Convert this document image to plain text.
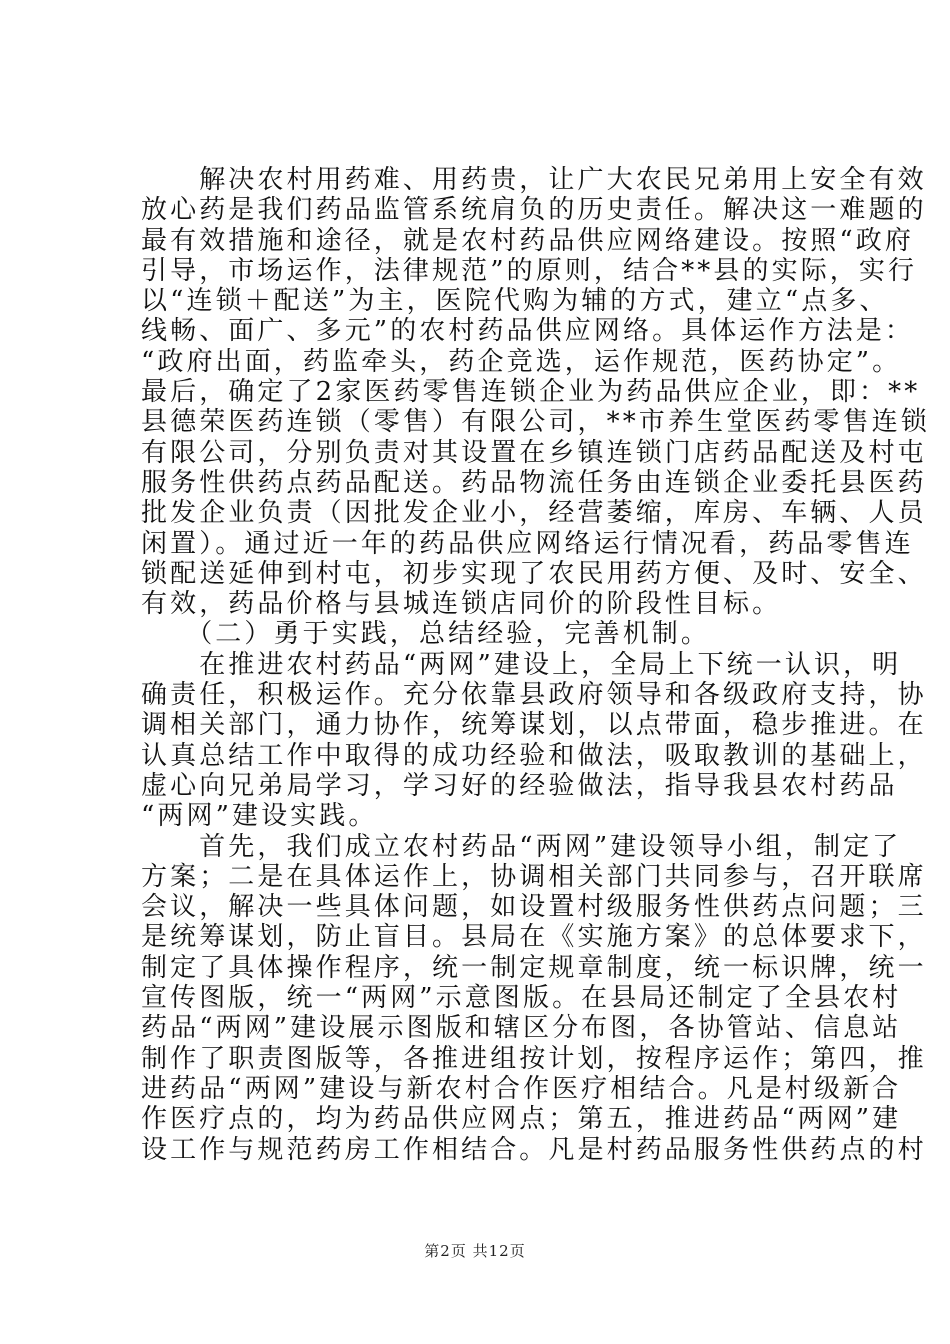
　　解决农村用药难、用药贵，让广大农民兄弟用上安全有效
放心药是我们药品监管系统肩负的历史责任。解决这一难题的
最有效措施和途径，就是农村药品供应网络建设。按照“政府
引导，市场运作，法律规范”的原则，结合**县的实际，实行
以“连锁＋配送”为主，医院代购为辅的方式，建立“点多、
线畅、面广、多元”的农村药品供应网络。具体运作方法是：
“政府出面，药监牵头，药企竞选，运作规范，医药协定”。
最后，确定了2家医药零售连锁企业为药品供应企业，即：**
县德荣医药连锁（零售）有限公司，**市养生堂医药零售连锁
有限公司，分别负责对其设置在乡镇连锁门店药品配送及村屯
服务性供药点药品配送。药品物流任务由连锁企业委托县医药
批发企业负责（因批发企业小，经营萎缩，库房、车辆、人员
闲置）。通过近一年的药品供应网络运行情况看，药品零售连
锁配送延伸到村屯，初步实现了农民用药方便、及时、安全、
有效，药品价格与县城连锁店同价的阶段性目标。
　　（二）勇于实践，总结经验，完善机制。
　　在推进农村药品“两网”建设上，全局上下统一认识，明
确责任，积极运作。充分依靠县政府领导和各级政府支持，协
调相关部门，通力协作，统筹谋划，以点带面，稳步推进。在
认真总结工作中取得的成功经验和做法，吸取教训的基础上，
虚心向兄弟局学习，学习好的经验做法，指导我县农村药品
“两网”建设实践。
　　首先，我们成立农村药品“两网”建设领导小组，制定了
方案；二是在具体运作上，协调相关部门共同参与，召开联席
会议，解决一些具体问题，如设置村级服务性供药点问题；三
是统筹谋划，防止盲目。县局在《实施方案》的总体要求下，
制定了具体操作程序，统一制定规章制度，统一标识牌，统一
宣传图版，统一“两网”示意图版。在县局还制定了全县农村
药品“两网”建设展示图版和辖区分布图，各协管站、信息站
制作了职责图版等，各推进组按计划，按程序运作；第四，推
进药品“两网”建设与新农村合作医疗相结合。凡是村级新合
作医疗点的，均为药品供应网点；第五，推进药品“两网”建
设工作与规范药房工作相结合。凡是村药品服务性供药点的村
第2页 共12页
